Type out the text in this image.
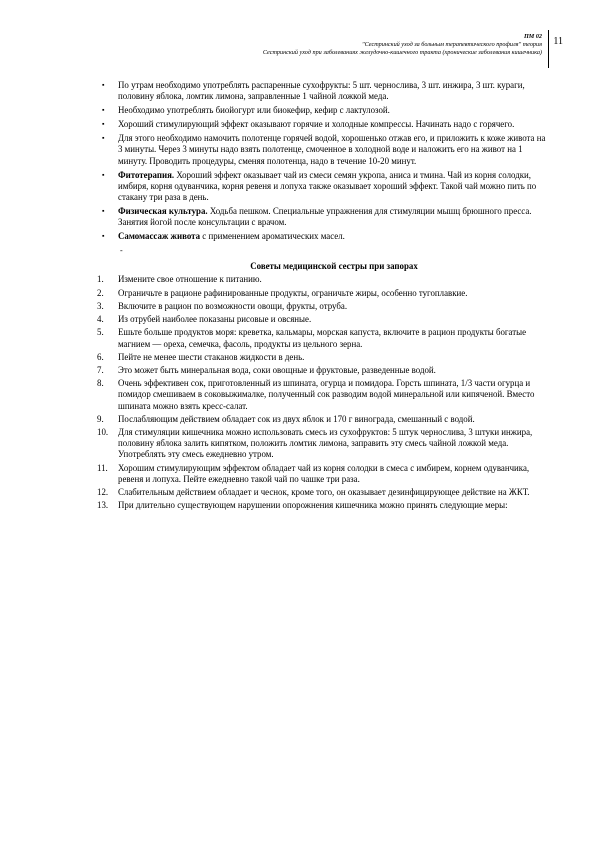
ПМ 02
"Сестринский уход за больным терапевтического профиля" теория
Сестринский уход при заболеваниях желудочно-кишечного тракта (хронические заболевания кишечника)
11
▪ По утрам необходимо употреблять распаренные сухофрукты: 5 шт. чернослива, 3 шт. инжира, 3 шт. кураги, половину яблока, ломтик лимона, заправленные 1 чайной ложкой меда.
▪ Необходимо употреблять биойогурт или биокефир, кефир с лактулозой.
▪ Хороший стимулирующий эффект оказывают горячие и холодные компрессы. Начинать надо с горячего.
▪ Для этого необходимо намочить полотенце горячей водой, хорошенько отжав его, и приложить к коже живота на 3 минуты. Через 3 минуты надо взять полотенце, смоченное в холодной воде и наложить его на живот на 1 минуту. Проводить процедуры, сменяя полотенца, надо в течение 10-20 минут.
▪ Фитотерапия. Хороший эффект оказывает чай из смеси семян укропа, аниса и тмина. Чай из корня солодки, имбиря, корня одуванчика, корня ревеня и лопуха также оказывает хороший эффект. Такой чай можно пить по стакану три раза в день.
▪ Физическая культура. Ходьба пешком. Специальные упражнения для стимуляции мышц брюшного пресса. Занятия йогой после консультации с врачом.
▪ Самомассаж живота с применением ароматических масел.
-
Советы медицинской сестры при запорах
1. Измените свое отношение к питанию.
2. Ограничьте в рационе рафинированные продукты, ограничьте жиры, особенно тугоплавкие.
3. Включите в рацион по возможности овощи, фрукты, отруба.
4. Из отрубей наиболее показаны рисовые и овсяные.
5. Ешьте больше продуктов моря: креветка, кальмары, морская капуста, включите в рацион продукты богатые магнием — ореха, семечка, фасоль, продукты из цельного зерна.
6. Пейте не менее шести стаканов жидкости в день.
7. Это может быть минеральная вода, соки овощные и фруктовые, разведенные водой.
8. Очень эффективен сок, приготовленный из шпината, огурца и помидора. Горсть шпината, 1/3 части огурца и помидор смешиваем в соковыжималке, полученный сок разводим водой минеральной или кипяченой. Вместо шпината можно взять кресс-салат.
9. Послабляющим действием обладает сок из двух яблок и 170 г винограда, смешанный с водой.
10. Для стимуляции кишечника можно использовать смесь из сухофруктов: 5 штук чернослива, 3 штуки инжира, половину яблока залить кипятком, положить ломтик лимона, заправить эту смесь чайной ложкой меда. Употреблять эту смесь ежедневно утром.
11. Хорошим стимулирующим эффектом обладает чай из корня солодки в смеса с имбирем, корнем одуванчика, ревеня и лопуха. Пейте ежедневно такой чай по чашке три раза.
12. Слабительным действием обладает и чеснок, кроме того, он оказывает дезинфицирующее действие на ЖКТ.
13. При длительно существующем нарушении опорожнения кишечника можно принять следующие меры:
